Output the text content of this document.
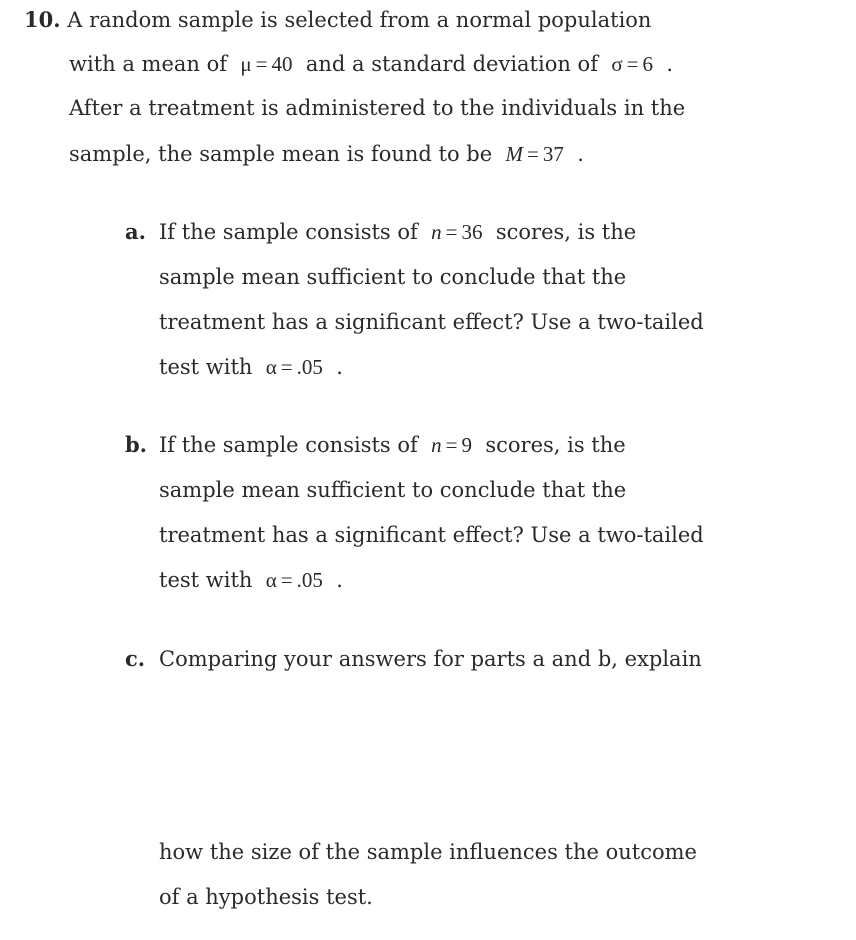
10. A random sample is selected from a normal population
with a mean of μ = 40 and a standard deviation of σ = 6 .
After a treatment is administered to the individuals in the
sample, the sample mean is found to be M = 37 .
a. If the sample consists of n = 36 scores, is the
sample mean sufficient to conclude that the
treatment has a significant effect? Use a two-tailed
test with α = .05 .
b. If the sample consists of n = 9 scores, is the
sample mean sufficient to conclude that the
treatment has a significant effect? Use a two-tailed
test with α = .05 .
c. Comparing your answers for parts a and b, explain
how the size of the sample influences the outcome
of a hypothesis test.
